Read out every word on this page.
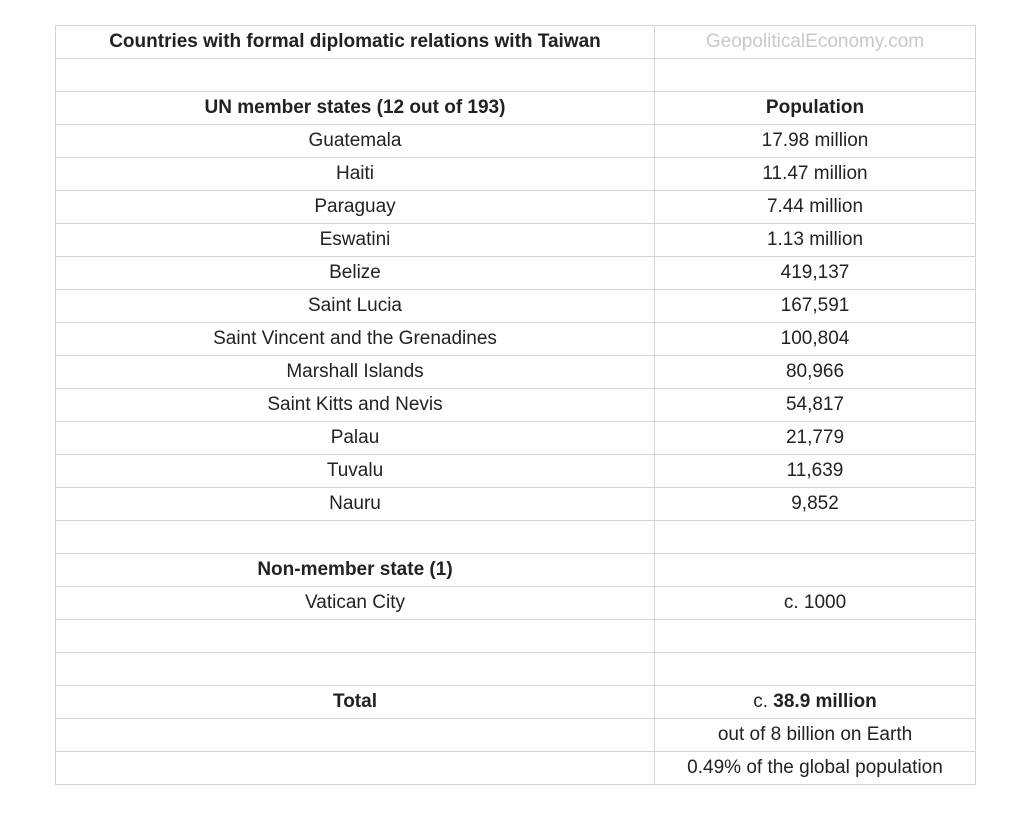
Countries with formal diplomatic relations with Taiwan	GeopoliticalEconomy.com

UN member states (12 out of 193)	Population
Guatemala	17.98 million
Haiti	11.47 million
Paraguay	7.44 million
Eswatini	1.13 million
Belize	419,137
Saint Lucia	167,591
Saint Vincent and the Grenadines	100,804
Marshall Islands	80,966
Saint Kitts and Nevis	54,817
Palau	21,779
Tuvalu	11,639
Nauru	9,852

Non-member state (1)	
Vatican City	c. 1000

Total	c. 38.9 million
	out of 8 billion on Earth
	0.49% of the global population
